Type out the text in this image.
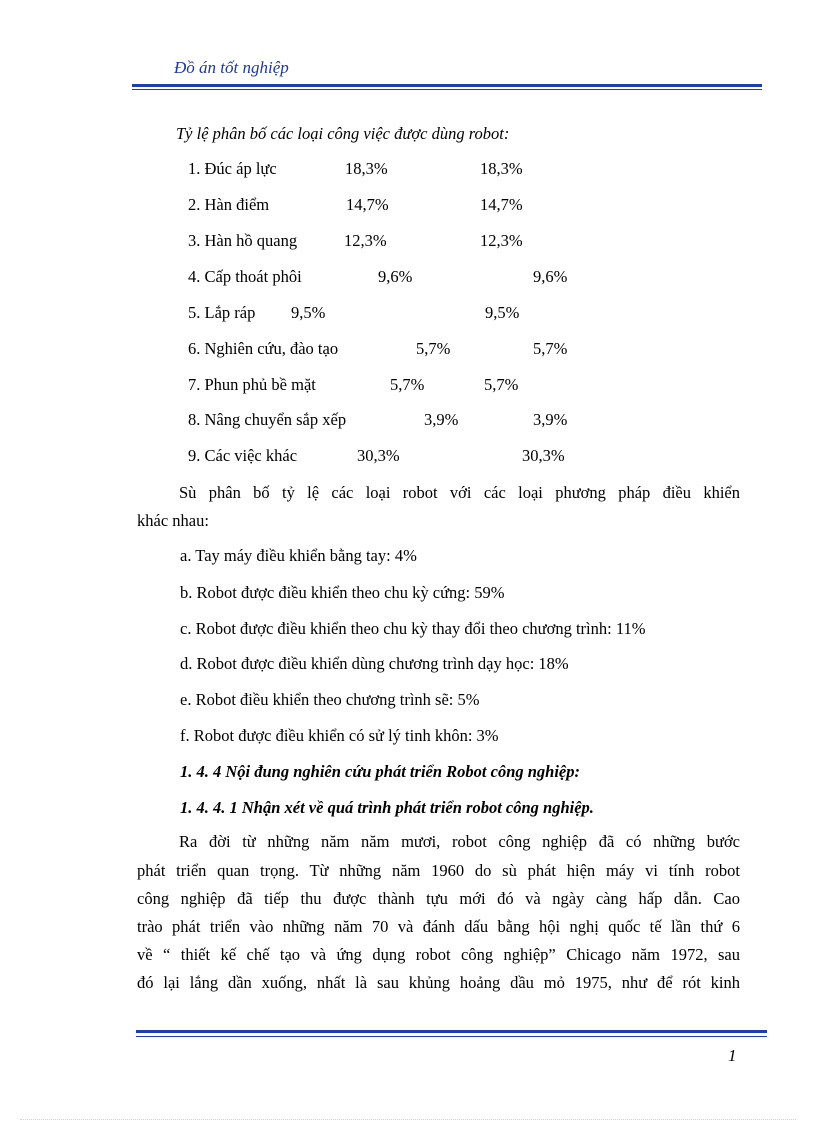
Đồ án tốt nghiệp
Tỷ lệ phân bố các loại công việc được dùng robot:
1. Đúc áp lực	18,3%	18,3%
2. Hàn điểm	14,7%	14,7%
3. Hàn hồ quang	12,3%	12,3%
4. Cấp thoát phôi	9,6%	9,6%
5. Lắp ráp 9,5%	9,5%
6. Nghiên cứu, đào tạo	5,7%	5,7%
7. Phun phủ bề mặt	5,7%	5,7%
8. Nâng chuyển sắp xếp	3,9%	3,9%
9. Các việc khác	30,3%	30,3%
Sù phân bố tỷ lệ các loại robot với các loại phương pháp điều khiển
khác nhau:
a. Tay máy điều khiển bằng tay: 4%
b. Robot được điều khiển theo chu kỳ cứng: 59%
c. Robot được điều khiển theo chu kỳ thay đổi theo chương trình: 11%
d. Robot được điều khiển dùng chương trình dạy học: 18%
e. Robot điều khiển theo chương trình sẽ: 5%
f. Robot được điều khiển có sử lý tinh khôn: 3%
1. 4. 4 Nội đung nghiên cứu phát triển Robot công nghiệp:
1. 4. 4. 1 Nhận xét về quá trình phát triển robot công nghiệp.
Ra đời từ những năm năm mươi, robot công nghiệp đã có những bước
phát triển quan trọng. Từ những năm 1960 do sù phát hiện máy vi tính robot
công nghiệp đã tiếp thu được thành tựu mới đó và ngày càng hấp dẫn. Cao
trào phát triển vào những năm 70 và đánh dấu bằng hội nghị quốc tế lần thứ 6
về “ thiết kế chế tạo và ứng dụng robot công nghiệp” Chicago năm 1972, sau
đó lại lắng dần xuống, nhất là sau khủng hoảng dầu mỏ 1975, như để rót kinh
1
